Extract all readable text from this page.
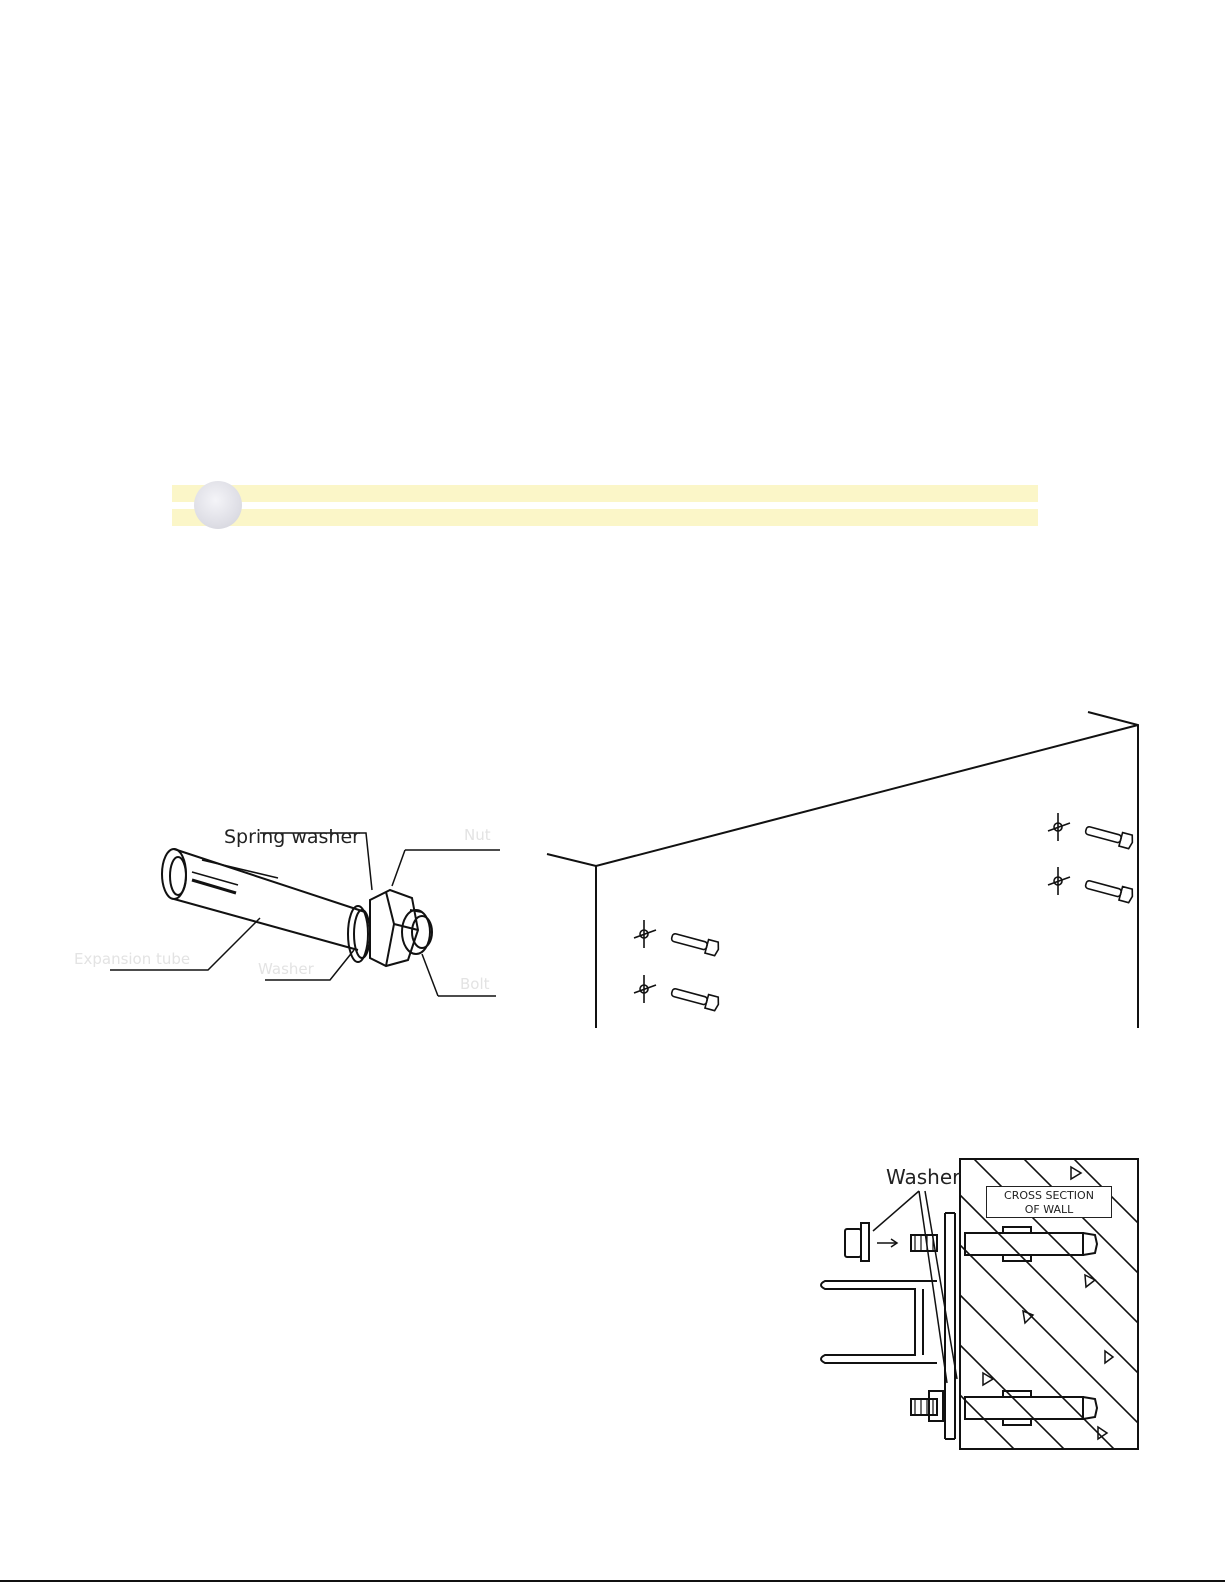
Spring washer	Nut
Expansion tube
Washer
Bolt
Washer
CROSS SECTION
OF WALL
